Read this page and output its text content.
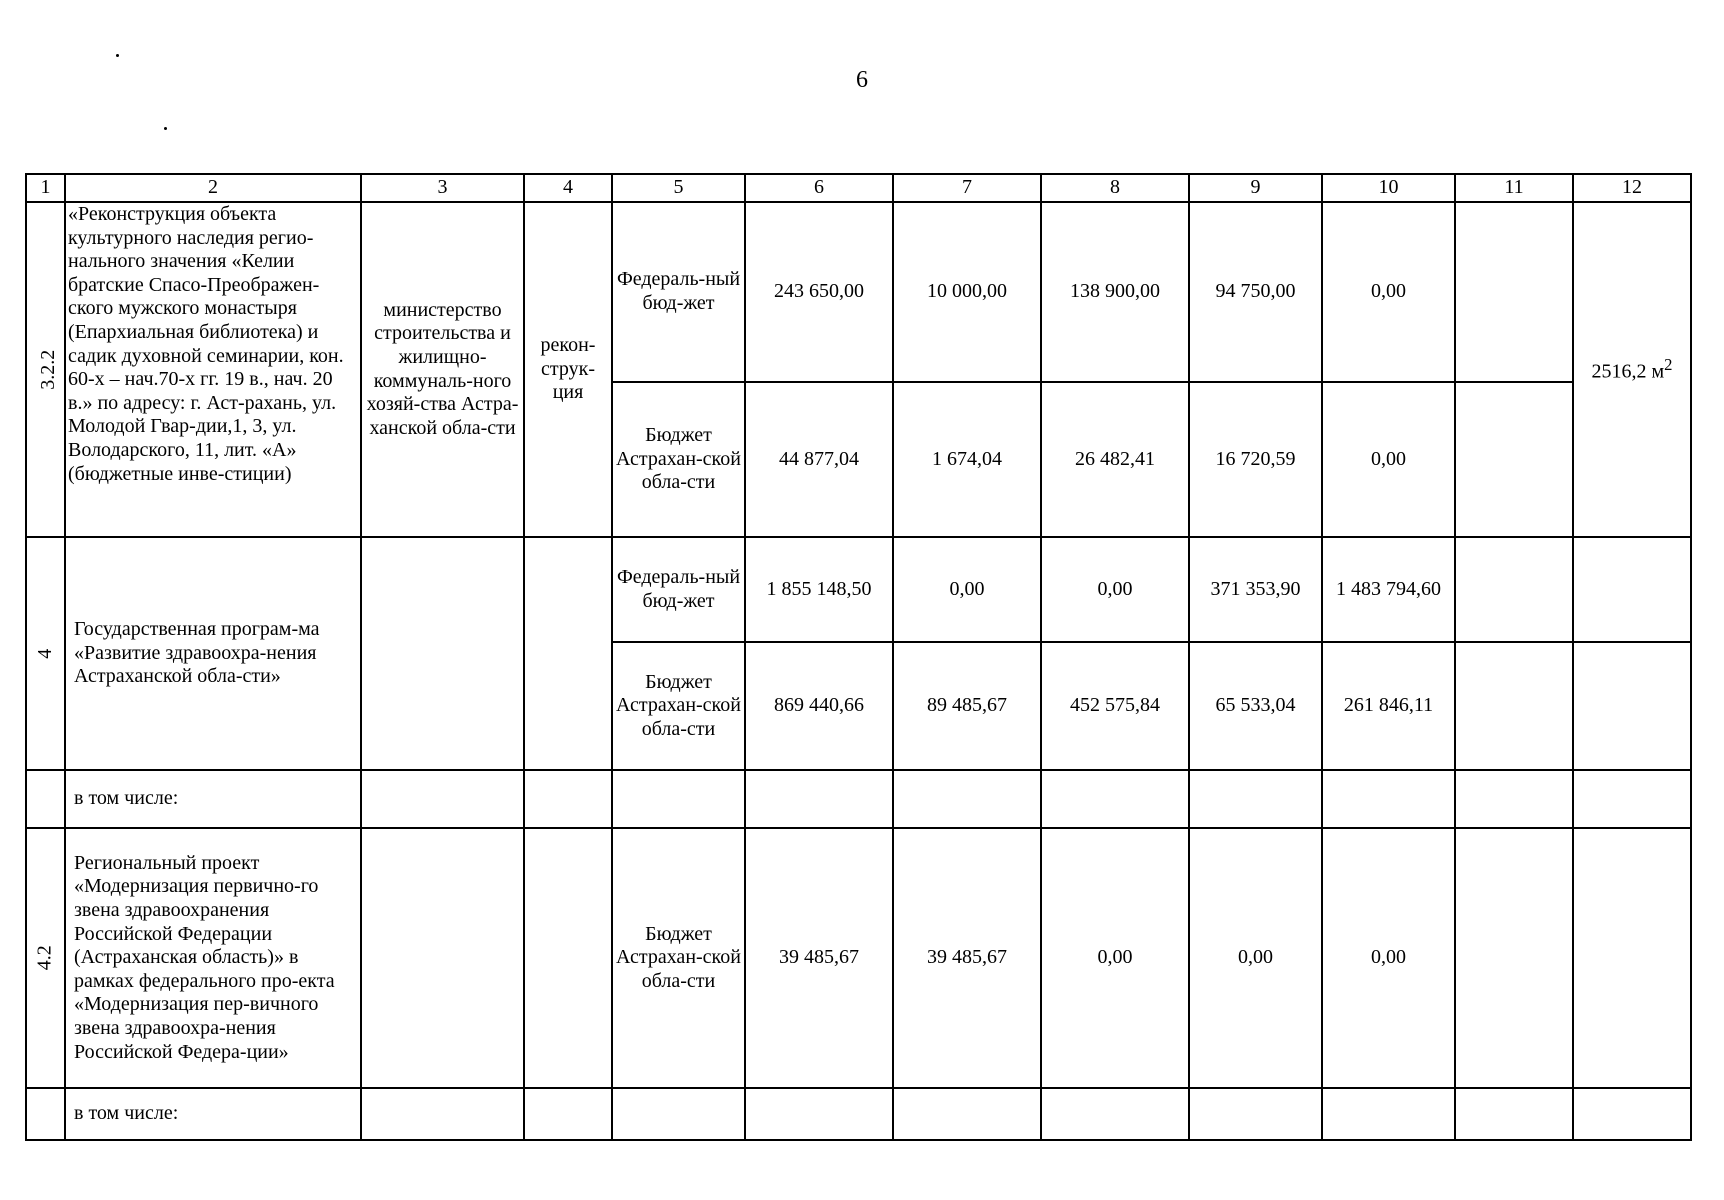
6
1	2	3	4	5	6	7	8	9	10	11	12
3.2.2	«Реконструкция объекта культурного наследия регио-нального значения «Келии братские Спасо-Преображен-ского мужского монастыря (Епархиальная библиотека) и садик духовной семинарии, кон. 60-х – нач.70-х гг. 19 в., нач. 20 в.» по адресу: г. Аст-рахань, ул. Молодой Гвар-дии,1, 3, ул. Володарского, 11, лит. «А» (бюджетные инве-стиции)	министерство строительства и жилищно-коммуналь-ного хозяй-ства Астра-ханской обла-сти	рекон-струк-ция	Федераль-ный бюд-жет	243 650,00	10 000,00	138 900,00	94 750,00	0,00		2516,2 $м^2$
				Бюджет Астрахан-ской обла-сти	44 877,04	1 674,04	26 482,41	16 720,59	0,00		
4	Государственная програм-ма «Развитие здравоохра-нения Астраханской обла-сти»			Федераль-ный бюд-жет	1 855 148,50	0,00	0,00	371 353,90	1 483 794,60		
				Бюджет Астрахан-ской обла-сти	869 440,66	89 485,67	452 575,84	65 533,04	261 846,11		
	в том числе:										
4.2	Региональный проект «Модернизация первично-го звена здравоохранения Российской Федерации (Астраханская область)» в рамках федерального про-екта «Модернизация пер-вичного звена здравоохра-нения Российской Федера-ции»			Бюджет Астрахан-ской обла-сти	39 485,67	39 485,67	0,00	0,00	0,00		
	в том числе:										
